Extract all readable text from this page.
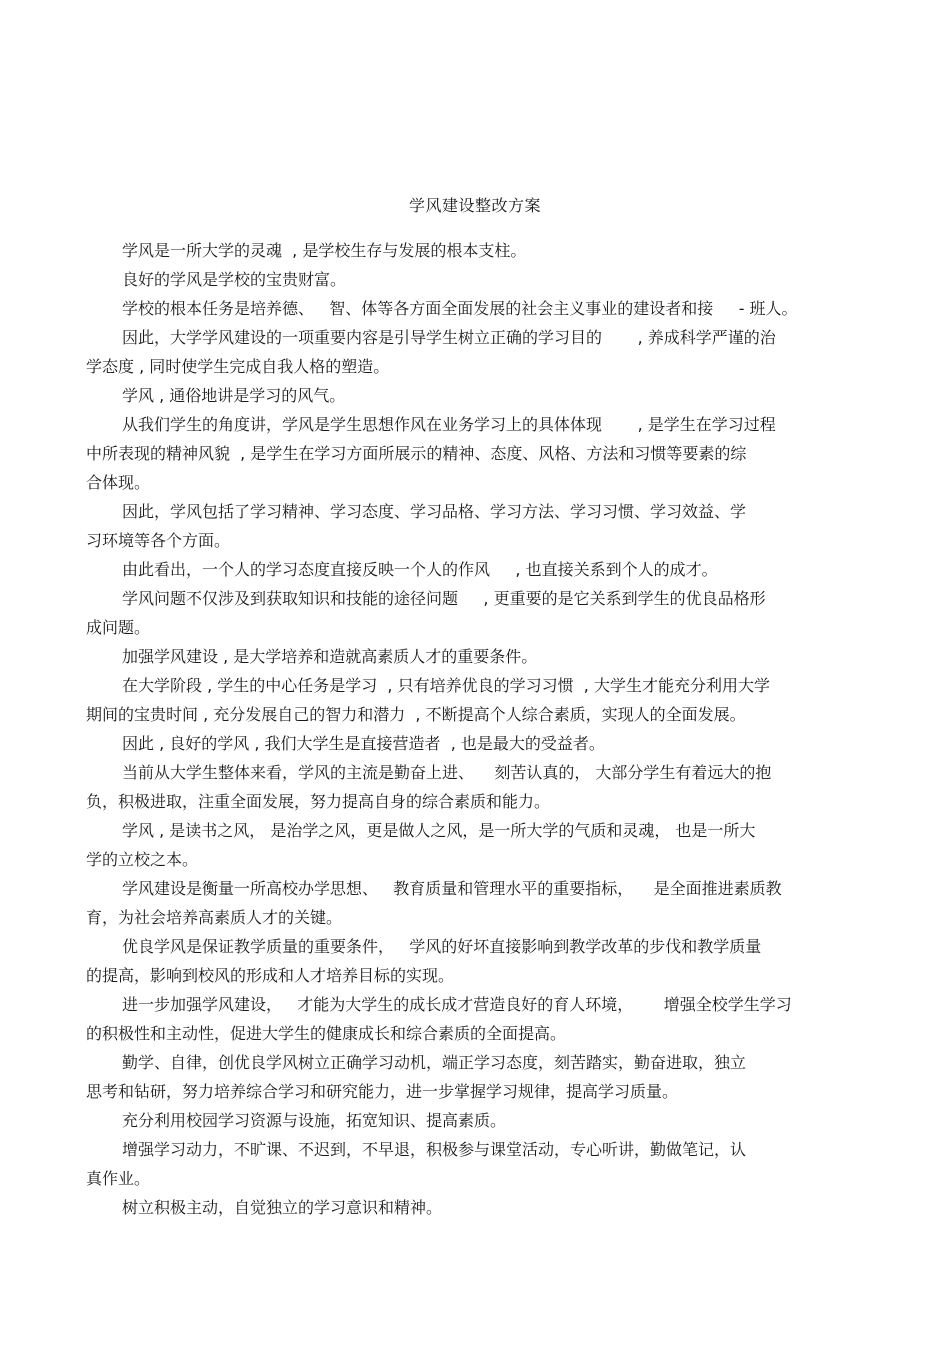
学风建设整改方案
学风是一所大学的灵魂  , 是学校生存与发展的根本支柱。
良好的学风是学校的宝贵财富。
学校的根本任务是培养德、   智、体等各方面全面发展的社会主义事业的建设者和接     - 班人。
因此，大学学风建设的一项重要内容是引导学生树立正确的学习目的       , 养成科学严谨的治
学态度 , 同时使学生完成自我人格的塑造。
学风 , 通俗地讲是学习的风气。
从我们学生的角度讲，学风是学生思想作风在业务学习上的具体体现       , 是学生在学习过程
中所表现的精神风貌  , 是学生在学习方面所展示的精神、态度、风格、方法和习惯等要素的综
合体现。
因此，学风包括了学习精神、学习态度、学习品格、学习方法、学习习惯、学习效益、学
习环境等各个方面。
由此看出，一个人的学习态度直接反映一个人的作风     , 也直接关系到个人的成才。
学风问题不仅涉及到获取知识和技能的途径问题     , 更重要的是它关系到学生的优良品格形
成问题。
加强学风建设 , 是大学培养和造就高素质人才的重要条件。
在大学阶段 , 学生的中心任务是学习  , 只有培养优良的学习习惯  , 大学生才能充分利用大学
期间的宝贵时间 , 充分发展自己的智力和潜力  , 不断提高个人综合素质，实现人的全面发展。
因此 , 良好的学风 , 我们大学生是直接营造者  , 也是最大的受益者。
当前从大学生整体来看，学风的主流是勤奋上进、    刻苦认真的， 大部分学生有着远大的抱
负，积极进取，注重全面发展，努力提高自身的综合素质和能力。
学风 , 是读书之风， 是治学之风，更是做人之风，是一所大学的气质和灵魂， 也是一所大
学的立校之本。
学风建设是衡量一所高校办学思想、   教育质量和管理水平的重要指标，    是全面推进素质教
育，为社会培养高素质人才的关键。
优良学风是保证教学质量的重要条件，   学风的好坏直接影响到教学改革的步伐和教学质量
的提高，影响到校风的形成和人才培养目标的实现。
进一步加强学风建设，   才能为大学生的成长成才营造良好的育人环境，      增强全校学生学习
的积极性和主动性，促进大学生的健康成长和综合素质的全面提高。
勤学、自律，创优良学风树立正确学习动机，端正学习态度，刻苦踏实，勤奋进取，独立
思考和钻研，努力培养综合学习和研究能力，进一步掌握学习规律，提高学习质量。
充分利用校园学习资源与设施，拓宽知识、提高素质。
增强学习动力，不旷课、不迟到，不早退，积极参与课堂活动，专心听讲，勤做笔记，认
真作业。
树立积极主动，自觉独立的学习意识和精神。
